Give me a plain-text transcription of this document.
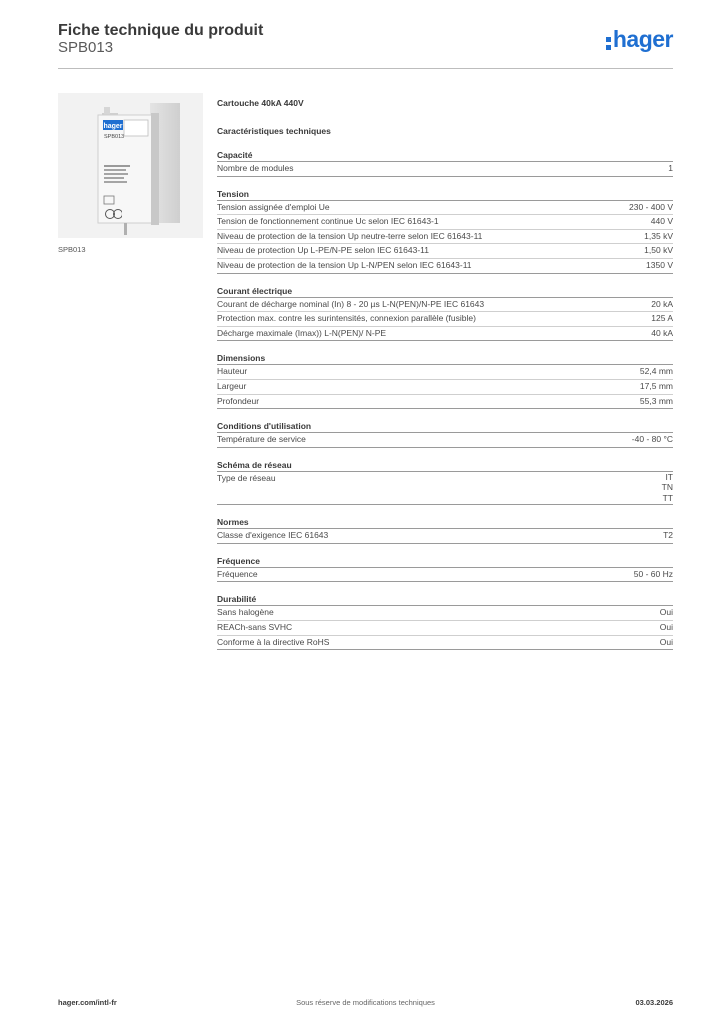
Fiche technique du produit
SPB013	hager
hager
SPB013
SPB013
Cartouche 40kA 440V
Caractéristiques techniques
Capacité
Nombre de modules	1
Tension
Tension assignée d'emploi Ue	230 - 400 V
Tension de fonctionnement continue Uc selon IEC 61643-1	440 V
Niveau de protection de la tension Up neutre-terre selon IEC 61643-11	1,35 kV
Niveau de protection Up L-PE/N-PE selon IEC 61643-11	1,50 kV
Niveau de protection de la tension Up L-N/PEN selon IEC 61643-11	1350 V
Courant électrique
Courant de décharge nominal (In) 8 - 20 µs L-N(PEN)/N-PE IEC 61643	20 kA
Protection max. contre les surintensités, connexion parallèle (fusible)	125 A
Décharge maximale (Imax)) L-N(PEN)/ N-PE	40 kA
Dimensions
Hauteur	52,4 mm
Largeur	17,5 mm
Profondeur	55,3 mm
Conditions d'utilisation
Température de service	-40 - 80 °C
Schéma de réseau
Type de réseau	IT
TN
TT
Normes
Classe d'exigence IEC 61643	T2
Fréquence
Fréquence	50 - 60 Hz
Durabilité
Sans halogène	Oui
REACh-sans SVHC	Oui
Conforme à la directive RoHS	Oui
hager.com/intl-fr	Sous réserve de modifications techniques	03.03.2026
